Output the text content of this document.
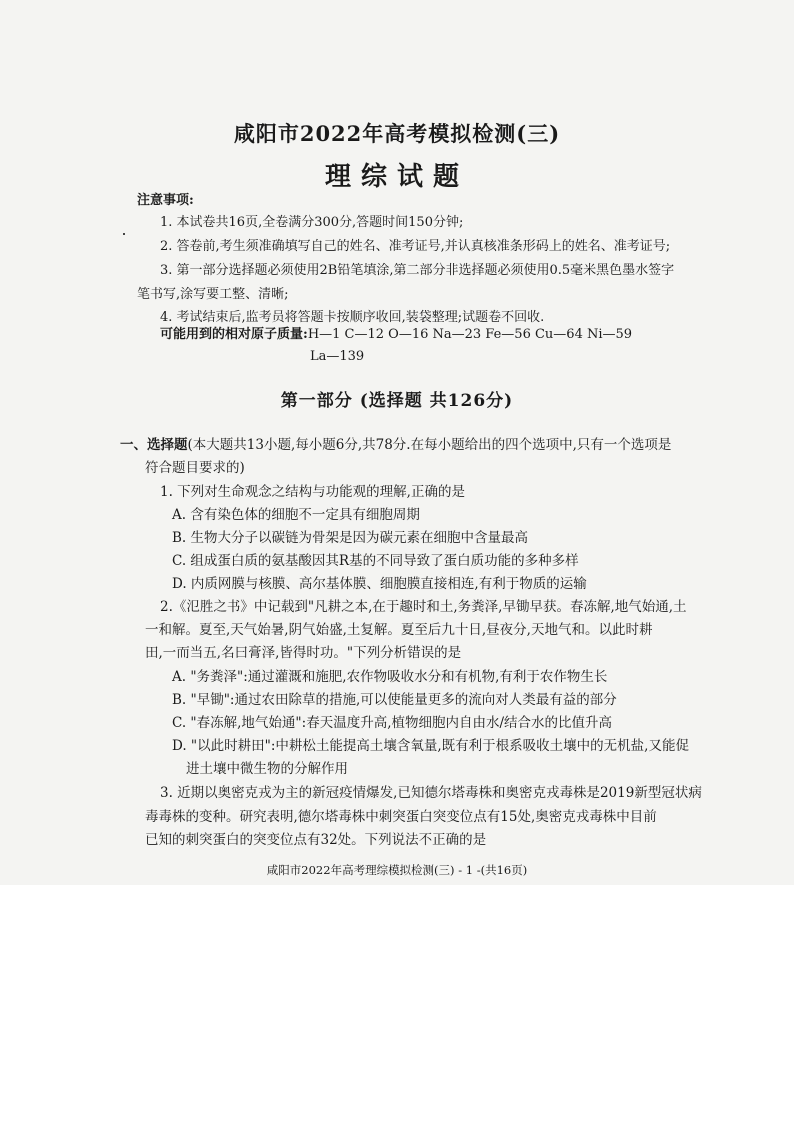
咸阳市2022年高考模拟检测(三)
理综试题
注意事项:
1. 本试卷共16页,全卷满分300分,答题时间150分钟;
2. 答卷前,考生须准确填写自己的姓名、准考证号,并认真核准条形码上的姓名、准考证号;
3. 第一部分选择题必须使用2B铅笔填涂,第二部分非选择题必须使用0.5毫米黑色墨水签字
笔书写,涂写要工整、清晰;
4. 考试结束后,监考员将答题卡按顺序收回,装袋整理;试题卷不回收.
可能用到的相对原子质量:H—1 C—12 O—16 Na—23 Fe—56 Cu—64 Ni—59
La—139
第一部分 (选择题 共126分)
一、选择题(本大题共13小题,每小题6分,共78分.在每小题给出的四个选项中,只有一个选项是
符合题目要求的)
1. 下列对生命观念之结构与功能观的理解,正确的是
A. 含有染色体的细胞不一定具有细胞周期
B. 生物大分子以碳链为骨架是因为碳元素在细胞中含量最高
C. 组成蛋白质的氨基酸因其R基的不同导致了蛋白质功能的多种多样
D. 内质网膜与核膜、高尔基体膜、细胞膜直接相连,有利于物质的运输
2.《氾胜之书》中记载到"凡耕之本,在于趣时和土,务粪泽,早锄早获。春冻解,地气始通,土
一和解。夏至,天气始暑,阴气始盛,土复解。夏至后九十日,昼夜分,天地气和。以此时耕
田,一而当五,名曰膏泽,皆得时功。"下列分析错误的是
A. "务粪泽":通过灌溉和施肥,农作物吸收水分和有机物,有利于农作物生长
B. "早锄":通过农田除草的措施,可以使能量更多的流向对人类最有益的部分
C. "春冻解,地气始通":春天温度升高,植物细胞内自由水/结合水的比值升高
D. "以此时耕田":中耕松土能提高土壤含氧量,既有利于根系吸收土壤中的无机盐,又能促
进土壤中微生物的分解作用
3. 近期以奥密克戎为主的新冠疫情爆发,已知德尔塔毒株和奥密克戎毒株是2019新型冠状病
毒毒株的变种。研究表明,德尔塔毒株中刺突蛋白突变位点有15处,奥密克戎毒株中目前
已知的刺突蛋白的突变位点有32处。下列说法不正确的是
咸阳市2022年高考理综模拟检测(三) - 1 -(共16页)
